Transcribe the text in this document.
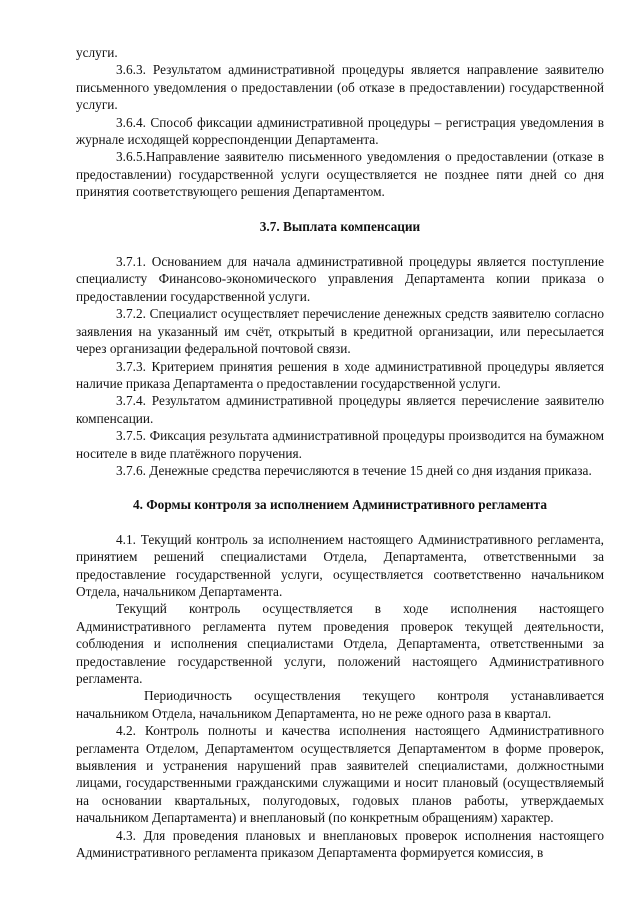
услуги.

3.6.3. Результатом административной процедуры является направление заявителю письменного уведомления о предоставлении (об отказе в предоставлении) государственной услуги.

3.6.4. Способ фиксации административной процедуры – регистрация уведомления в журнале исходящей корреспонденции Департамента.

3.6.5.Направление заявителю письменного уведомления о предоставлении (отказе в предоставлении) государственной услуги осуществляется не позднее пяти дней со дня принятия соответствующего решения Департаментом.

3.7. Выплата компенсации

3.7.1. Основанием для начала административной процедуры является поступление специалисту Финансово-экономического управления Департамента копии приказа о предоставлении государственной услуги.

3.7.2. Специалист осуществляет перечисление денежных средств заявителю согласно заявления на указанный им счёт, открытый в кредитной организации, или пересылается через организации федеральной почтовой связи.

3.7.3. Критерием принятия решения в ходе административной процедуры является наличие приказа Департамента о предоставлении государственной услуги.

3.7.4. Результатом административной процедуры является перечисление заявителю компенсации.

3.7.5. Фиксация результата административной процедуры производится на бумажном носителе в виде платёжного поручения.

3.7.6. Денежные средства перечисляются в течение 15 дней со дня издания приказа.

4. Формы контроля за исполнением Административного регламента

4.1. Текущий контроль за исполнением настоящего Административного регламента, принятием решений специалистами Отдела, Департамента, ответственными за предоставление государственной услуги, осуществляется соответственно начальником Отдела, начальником Департамента.

Текущий контроль осуществляется в ходе исполнения настоящего Административного регламента путем проведения проверок текущей деятельности, соблюдения и исполнения специалистами Отдела, Департамента, ответственными за предоставление государственной услуги, положений настоящего Административного регламента.

Периодичность осуществления текущего контроля устанавливается начальником Отдела, начальником Департамента, но не реже одного раза в квартал.

4.2. Контроль полноты и качества исполнения настоящего Административного регламента Отделом, Департаментом осуществляется Департаментом в форме проверок, выявления и устранения нарушений прав заявителей специалистами, должностными лицами, государственными гражданскими служащими и носит плановый (осуществляемый на основании квартальных, полугодовых, годовых планов работы, утверждаемых начальником Департамента) и внеплановый (по конкретным обращениям) характер.

4.3. Для проведения плановых и внеплановых проверок исполнения настоящего Административного регламента приказом Департамента формируется комиссия, в
